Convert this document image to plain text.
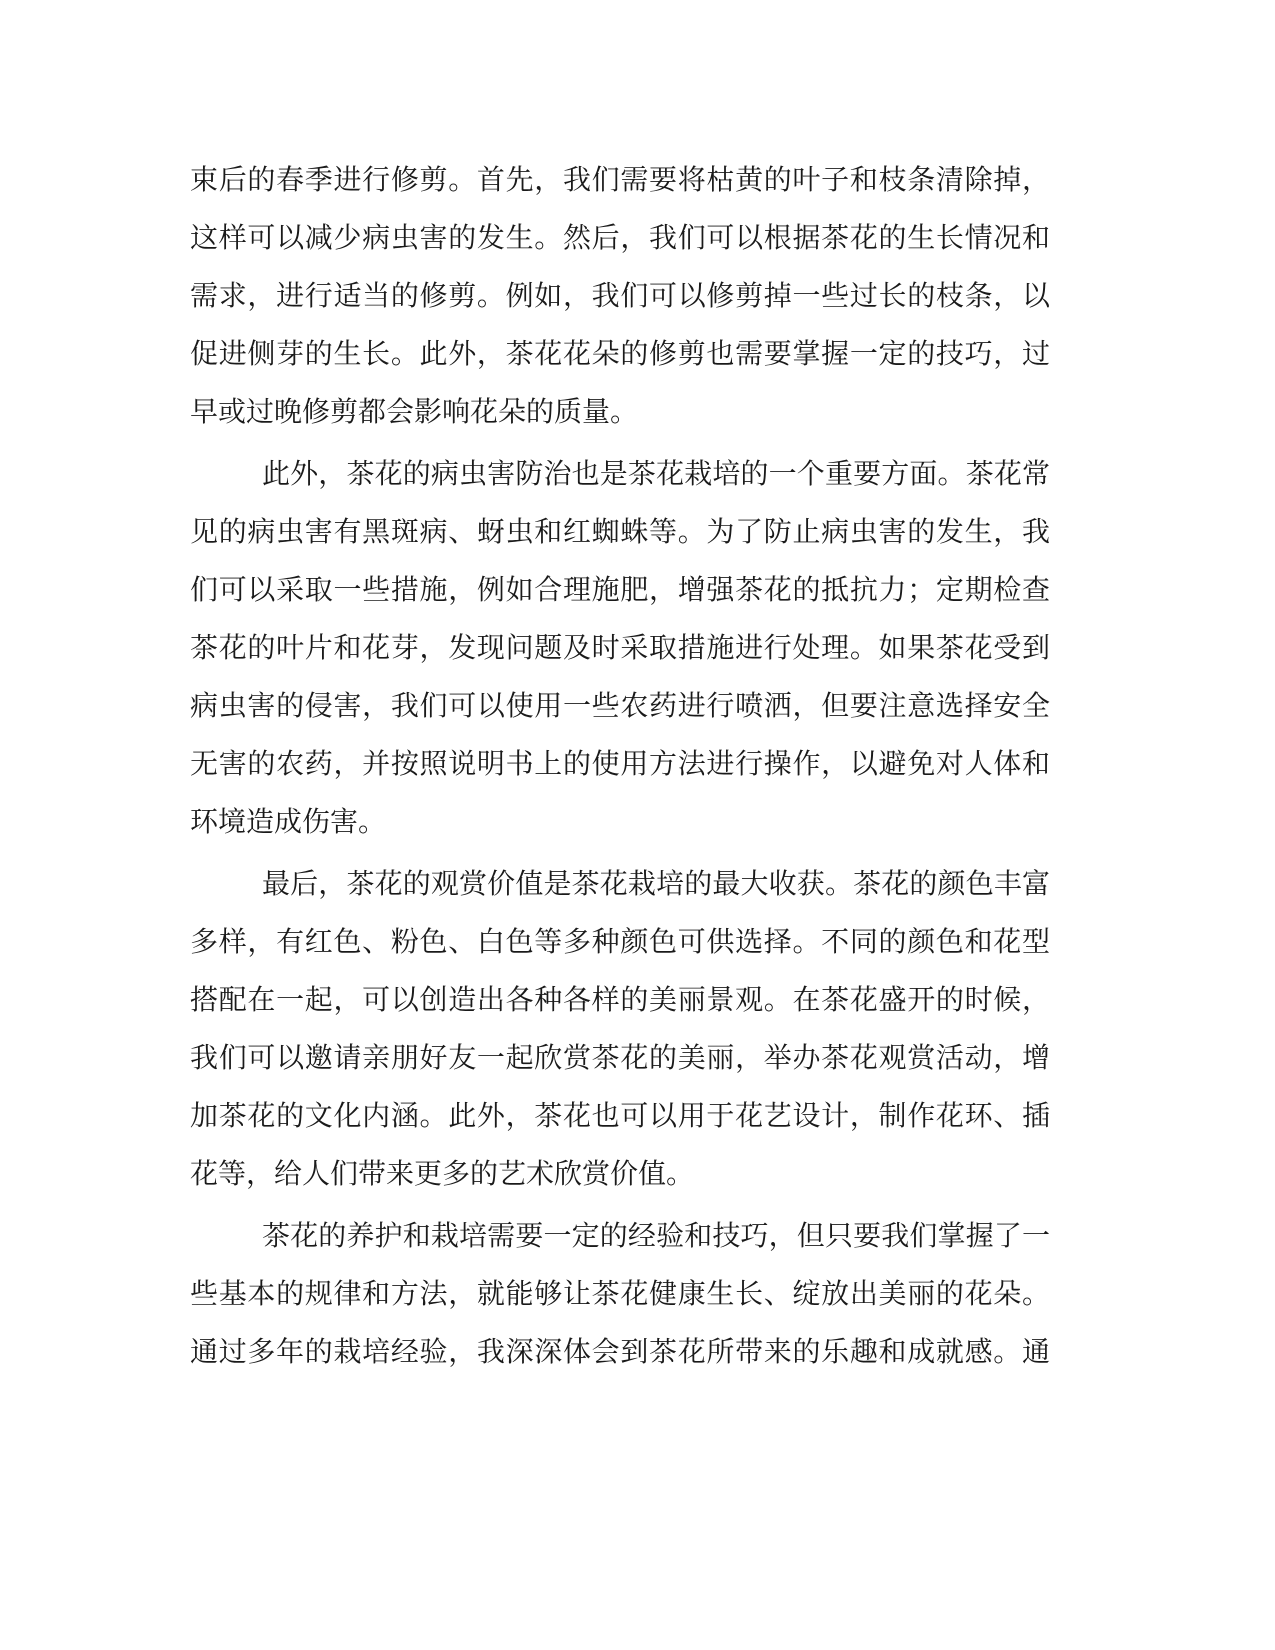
束后的春季进行修剪。首先，我们需要将枯黄的叶子和枝条清除掉，

这样可以减少病虫害的发生。然后，我们可以根据茶花的生长情况和

需求，进行适当的修剪。例如，我们可以修剪掉一些过长的枝条，以

促进侧芽的生长。此外，茶花花朵的修剪也需要掌握一定的技巧，过

早或过晚修剪都会影响花朵的质量。

此外，茶花的病虫害防治也是茶花栽培的一个重要方面。茶花常

见的病虫害有黑斑病、蚜虫和红蜘蛛等。为了防止病虫害的发生，我

们可以采取一些措施，例如合理施肥，增强茶花的抵抗力；定期检查

茶花的叶片和花芽，发现问题及时采取措施进行处理。如果茶花受到

病虫害的侵害，我们可以使用一些农药进行喷洒，但要注意选择安全

无害的农药，并按照说明书上的使用方法进行操作，以避免对人体和

环境造成伤害。

最后，茶花的观赏价值是茶花栽培的最大收获。茶花的颜色丰富

多样，有红色、粉色、白色等多种颜色可供选择。不同的颜色和花型

搭配在一起，可以创造出各种各样的美丽景观。在茶花盛开的时候，

我们可以邀请亲朋好友一起欣赏茶花的美丽，举办茶花观赏活动，增

加茶花的文化内涵。此外，茶花也可以用于花艺设计，制作花环、插

花等，给人们带来更多的艺术欣赏价值。

茶花的养护和栽培需要一定的经验和技巧，但只要我们掌握了一

些基本的规律和方法，就能够让茶花健康生长、绽放出美丽的花朵。

通过多年的栽培经验，我深深体会到茶花所带来的乐趣和成就感。通
